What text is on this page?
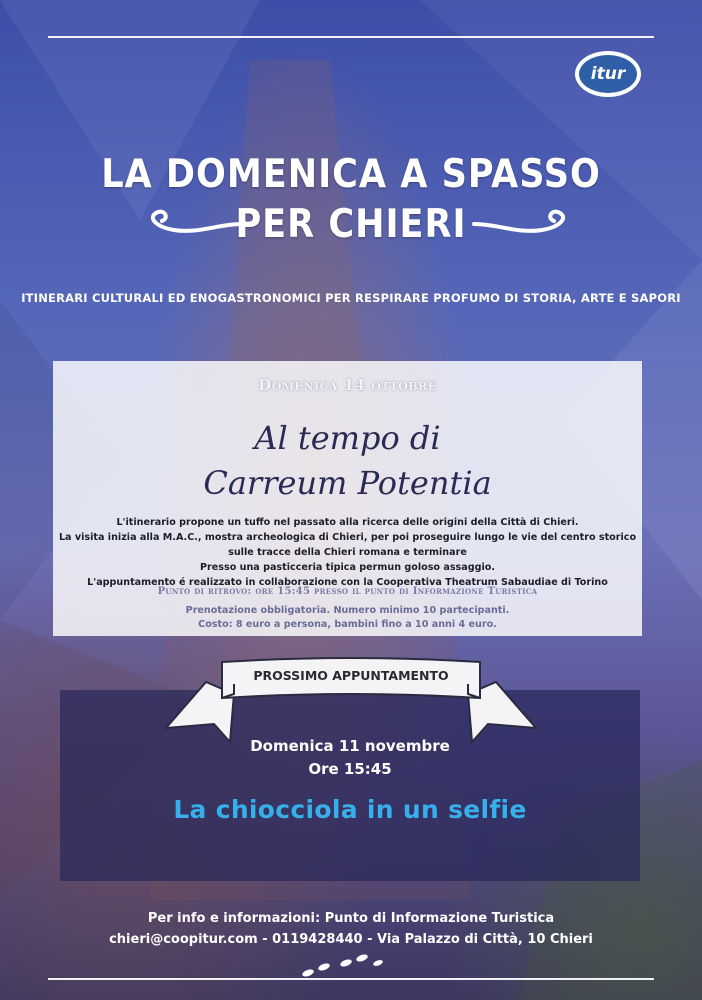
itur
LA DOMENICA A SPASSO
PER CHIERI
ITINERARI CULTURALI ED ENOGASTRONOMICI PER RESPIRARE PROFUMO DI STORIA, ARTE E SAPORI
Domenica 14 ottobre
Al tempo di
Carreum Potentia
L'itinerario propone un tuffo nel passato alla ricerca delle origini della Città di Chieri.
La visita inizia alla M.A.C., mostra archeologica di Chieri, per poi proseguire lungo le vie del centro storico
sulle tracce della Chieri romana e terminare
Presso una pasticceria tipica permun goloso assaggio.
L'appuntamento é realizzato in collaborazione con la Cooperativa Theatrum Sabaudiae di Torino
Punto di ritrovo: ore 15:45 presso il punto di Informazione Turistica
Prenotazione obbligatoria. Numero minimo 10 partecipanti.
Costo: 8 euro a persona, bambini fino a 10 anni 4 euro.
PROSSIMO APPUNTAMENTO
Domenica 11 novembre
Ore 15:45
La chiocciola in un selfie
Per info e informazioni: Punto di Informazione Turistica
chieri@coopitur.com - 0119428440 - Via Palazzo di Città, 10 Chieri
